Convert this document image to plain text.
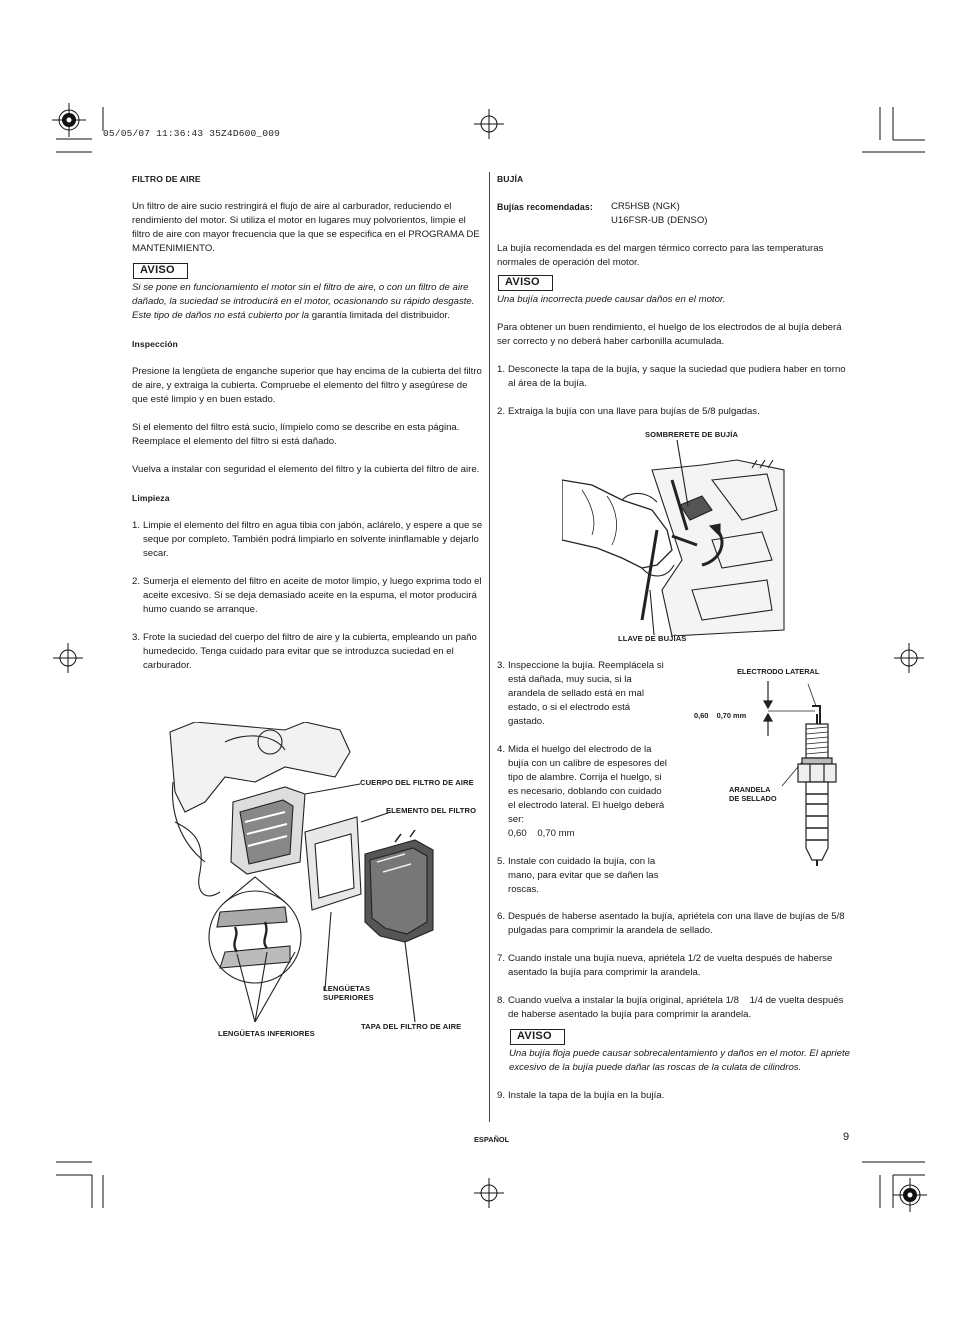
05/05/07 11:36:43 35Z4D600_009

FILTRO DE AIRE

Un filtro de aire sucio restringirá el flujo de aire al carburador, reduciendo el rendimiento del motor. Si utiliza el motor en lugares muy polvorientos, limpie el filtro de aire con mayor frecuencia que la que se especifica en el PROGRAMA DE MANTENIMIENTO.

AVISO

Si se pone en funcionamiento el motor sin el filtro de aire, o con un filtro de aire dañado, la suciedad se introducirá en el motor, ocasionando su rápido desgaste. Este tipo de daños no está cubierto por la garantía limitada del distribuidor.

Inspección

Presione la lengüeta de enganche superior que hay encima de la cubierta del filtro de aire, y extraiga la cubierta. Compruebe el elemento del filtro y asegúrese de que esté limpio y en buen estado.

Si el elemento del filtro está sucio, límpielo como se describe en esta página. Reemplace el elemento del filtro si está dañado.

Vuelva a instalar con seguridad el elemento del filtro y la cubierta del filtro de aire.

Limpieza

1. Limpie el elemento del filtro en agua tibia con jabón, aclárelo, y espere a que se seque por completo. También podrá limpiarlo en solvente ininflamable y dejarlo secar.
2. Sumerja el elemento del filtro en aceite de motor limpio, y luego exprima todo el aceite excesivo. Si se deja demasiado aceite en la espuma, el motor producirá humo cuando se arranque.
3. Frote la suciedad del cuerpo del filtro de aire y la cubierta, empleando un paño humedecido. Tenga cuidado para evitar que se introduzca suciedad en el carburador.
CUERPO DEL FILTRO DE AIRE
ELEMENTO DEL FILTRO
LENGÜETAS
SUPERIORES
TAPA DEL FILTRO DE AIRE
LENGÜETAS INFERIORES

BUJÍA

Bujías recomendadas:	CR5HSB (NGK)
U16FSR-UB (DENSO)

La bujía recomendada es del margen térmico correcto para las temperaturas normales de operación del motor.

AVISO

Una bujía incorrecta puede causar daños en el motor.

Para obtener un buen rendimiento, el huelgo de los electrodos de al bujía deberá ser correcto y no deberá haber carbonilla acumulada.

1. Desconecte la tapa de la bujía, y saque la suciedad que pudiera haber en torno al área de la bujía.
2. Extraiga la bujía con una llave para bujías de 5/8 pulgadas.
SOMBRERETE DE BUJÍA
LLAVE DE BUJÍAS
3. Inspeccione la bujía. Reemplácela si está dañada, muy sucia, si la arandela de sellado está en mal estado, o si el electrodo está gastado.
4. Mida el huelgo del electrodo de la bujía con un calibre de espesores del tipo de alambre. Corrija el huelgo, si es necesario, doblando con cuidado el electrodo lateral. El huelgo deberá ser:
0,60    0,70 mm
5. Instale con cuidado la bujía, con la mano, para evitar que se dañen las roscas.
ELECTRODO LATERAL
0,60    0,70 mm
ARANDELA
DE SELLADO
6. Después de haberse asentado la bujía, apriétela con una llave de bujías de 5/8 pulgadas para comprimir la arandela de sellado.
7. Cuando instale una bujía nueva, apriétela 1/2 de vuelta después de haberse asentado la bujía para comprimir la arandela.
8. Cuando vuelva a instalar la bujía original, apriétela 1/8    1/4 de vuelta después de haberse asentado la bujía para comprimir la arandela.
AVISO

Una bujía floja puede causar sobrecalentamiento y daños en el motor. El apriete excesivo de la bujía puede dañar las roscas de la culata de cilindros.

9. Instale la tapa de la bujía en la bujía.
ESPAÑOL	9
